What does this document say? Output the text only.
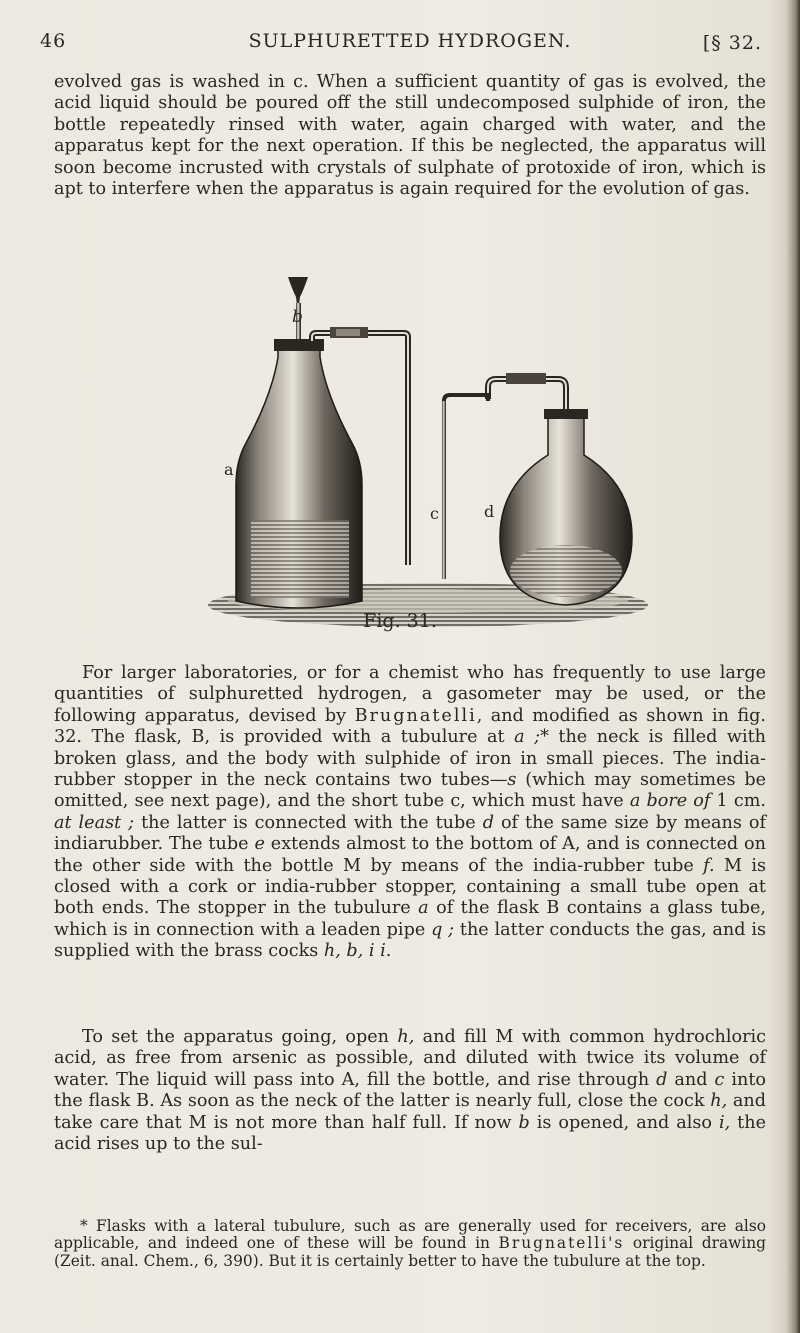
46	SULPHURETTED HYDROGEN.	[§ 32.

evolved gas is washed in c. When a sufficient quantity of gas is evolved, the acid liquid should be poured off the still undecomposed sulphide of iron, the bottle repeatedly rinsed with water, again charged with water, and the apparatus kept for the next operation. If this be neglected, the apparatus will soon become incrusted with crystals of sulphate of protoxide of iron, which is apt to interfere when the apparatus is again required for the evolution of gas.

b
a
c	d
Fig. 31.

For larger laboratories, or for a chemist who has frequently to use large quantities of sulphuretted hydrogen, a gasometer may be used, or the following apparatus, devised by Brugnatelli, and modified as shown in fig. 32. The flask, B, is provided with a tubulure at a ;* the neck is filled with broken glass, and the body with sulphide of iron in small pieces. The india-rubber stopper in the neck contains two tubes—s (which may sometimes be omitted, see next page), and the short tube c, which must have a bore of 1 cm. at least ; the latter is connected with the tube d of the same size by means of indiarubber. The tube e extends almost to the bottom of A, and is connected on the other side with the bottle M by means of the india-rubber tube f. M is closed with a cork or india-rubber stopper, containing a small tube open at both ends. The stopper in the tubulure a of the flask B contains a glass tube, which is in connection with a leaden pipe q ; the latter conducts the gas, and is supplied with the brass cocks h, b, i i.

To set the apparatus going, open h, and fill M with common hydrochloric acid, as free from arsenic as possible, and diluted with twice its volume of water. The liquid will pass into A, fill the bottle, and rise through d and c into the flask B. As soon as the neck of the latter is nearly full, close the cock h, and take care that M is not more than half full. If now b is opened, and also i, the acid rises up to the sul-

* Flasks with a lateral tubulure, such as are generally used for receivers, are also applicable, and indeed one of these will be found in Brugnatelli's original drawing (Zeit. anal. Chem., 6, 390). But it is certainly better to have the tubulure at the top.
